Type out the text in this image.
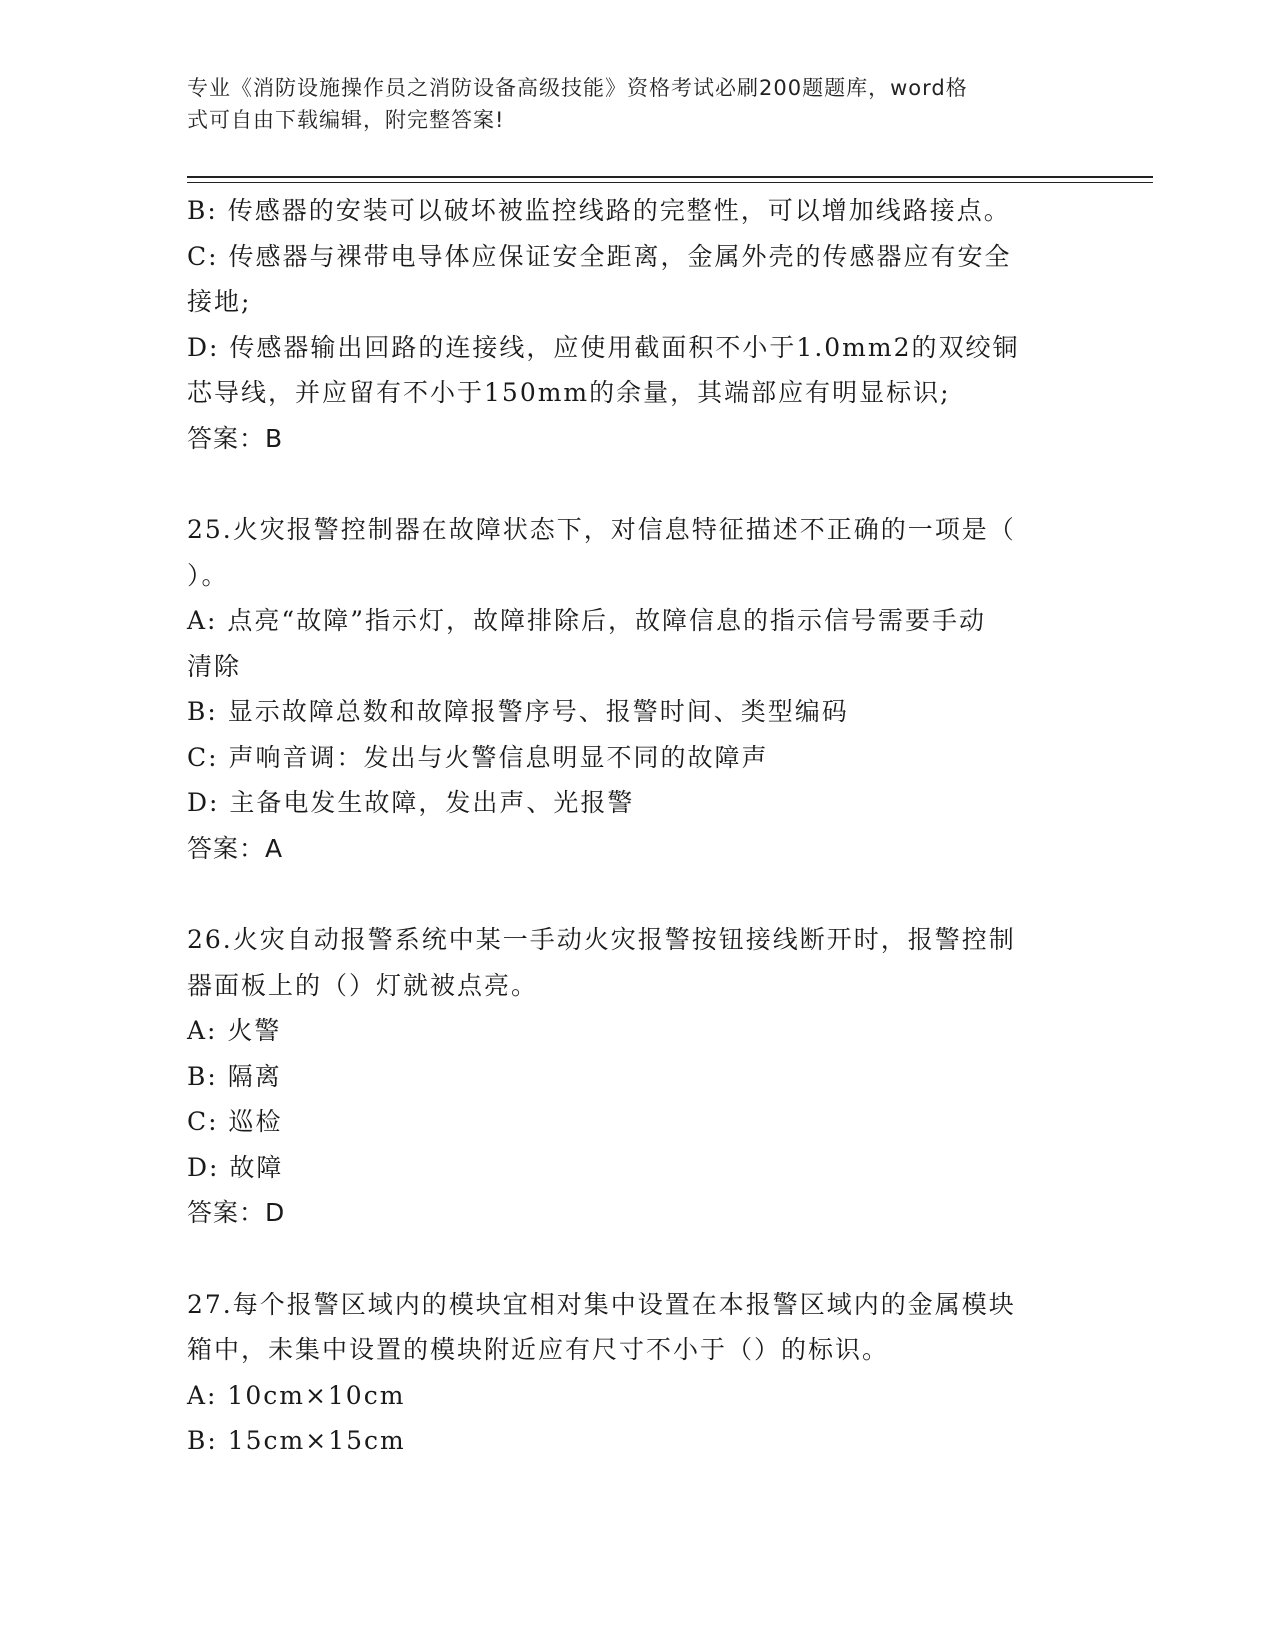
专业《消防设施操作员之消防设备高级技能》资格考试必刷200题题库，word格
式可自由下载编辑，附完整答案!
B: 传感器的安装可以破坏被监控线路的完整性，可以增加线路接点。
C: 传感器与裸带电导体应保证安全距离，金属外壳的传感器应有安全
接地;
D: 传感器输出回路的连接线，应使用截面积不小于1.0mm2的双绞铜
芯导线，并应留有不小于150mm的余量，其端部应有明显标识;
答案：B
25.火灾报警控制器在故障状态下，对信息特征描述不正确的一项是（
）。
A: 点亮“故障”指示灯，故障排除后，故障信息的指示信号需要手动
清除
B: 显示故障总数和故障报警序号、报警时间、类型编码
C: 声响音调：发出与火警信息明显不同的故障声
D: 主备电发生故障，发出声、光报警
答案：A
26.火灾自动报警系统中某一手动火灾报警按钮接线断开时，报警控制
器面板上的（）灯就被点亮。
A: 火警
B: 隔离
C: 巡检
D: 故障
答案：D
27.每个报警区域内的模块宜相对集中设置在本报警区域内的金属模块
箱中，未集中设置的模块附近应有尺寸不小于（）的标识。
A: 10cm×10cm
B: 15cm×15cm
